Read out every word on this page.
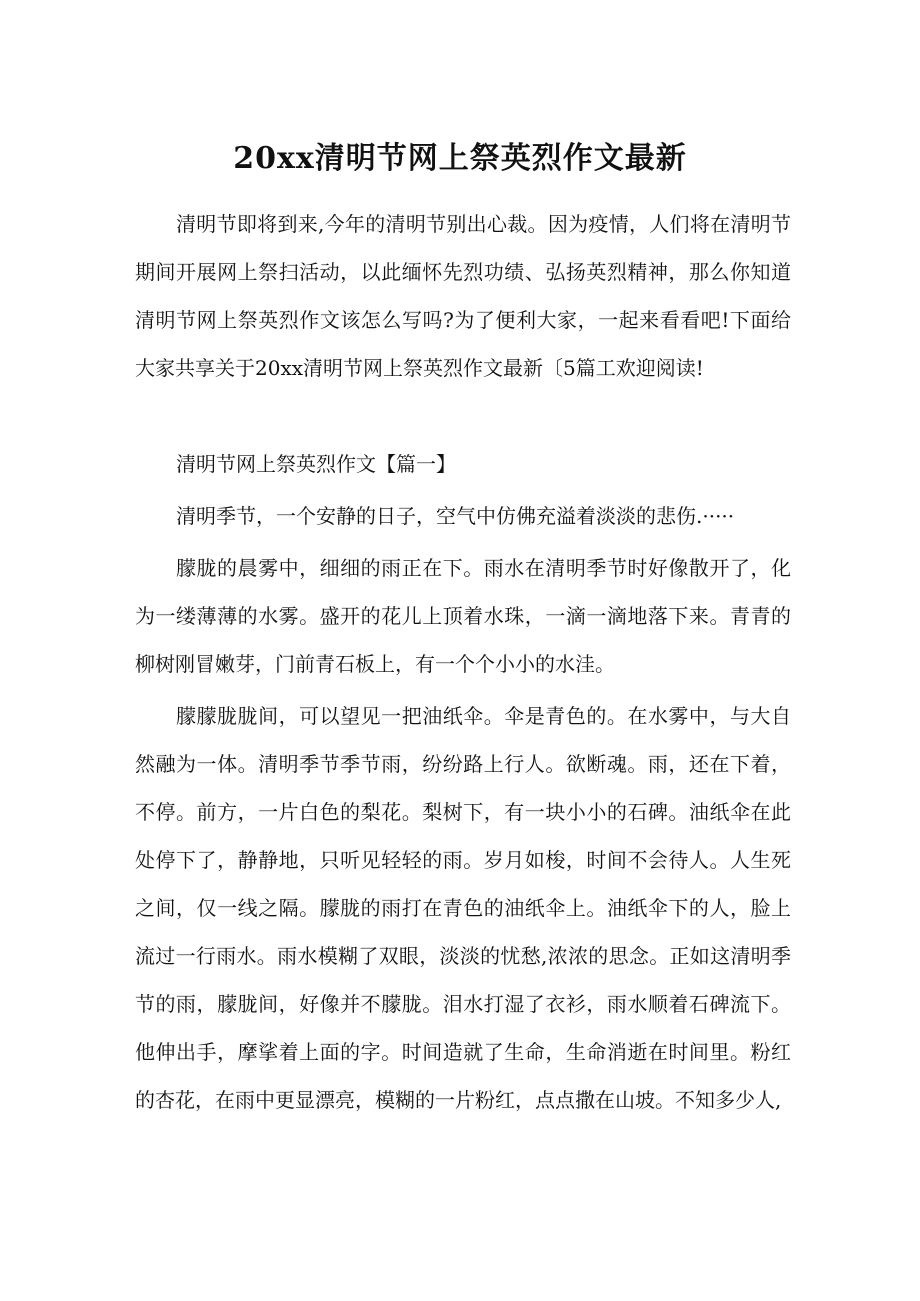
20xx清明节网上祭英烈作文最新

清明节即将到来,今年的清明节别出心裁。因为疫情，人们将在清明节期间开展网上祭扫活动，以此缅怀先烈功绩、弘扬英烈精神，那么你知道清明节网上祭英烈作文该怎么写吗?为了便利大家，一起来看看吧!下面给大家共享关于20xx清明节网上祭英烈作文最新〔5篇工欢迎阅读!

清明节网上祭英烈作文【篇一】

清明季节，一个安静的日子，空气中仿佛充溢着淡淡的悲伤.·····

朦胧的晨雾中，细细的雨正在下。雨水在清明季节时好像散开了，化为一缕薄薄的水雾。盛开的花儿上顶着水珠，一滴一滴地落下来。青青的柳树刚冒嫩芽，门前青石板上，有一个个小小的水洼。

朦朦胧胧间，可以望见一把油纸伞。伞是青色的。在水雾中，与大自然融为一体。清明季节季节雨，纷纷路上行人。欲断魂。雨，还在下着，不停。前方，一片白色的梨花。梨树下，有一块小小的石碑。油纸伞在此处停下了，静静地，只听见轻轻的雨。岁月如梭，时间不会待人。人生死之间，仅一线之隔。朦胧的雨打在青色的油纸伞上。油纸伞下的人，脸上流过一行雨水。雨水模糊了双眼，淡淡的忧愁,浓浓的思念。正如这清明季节的雨，朦胧间，好像并不朦胧。泪水打湿了衣衫，雨水顺着石碑流下。他伸出手，摩挲着上面的字。时间造就了生命，生命消逝在时间里。粉红的杏花，在雨中更显漂亮，模糊的一片粉红，点点撒在山坡。不知多少人,
